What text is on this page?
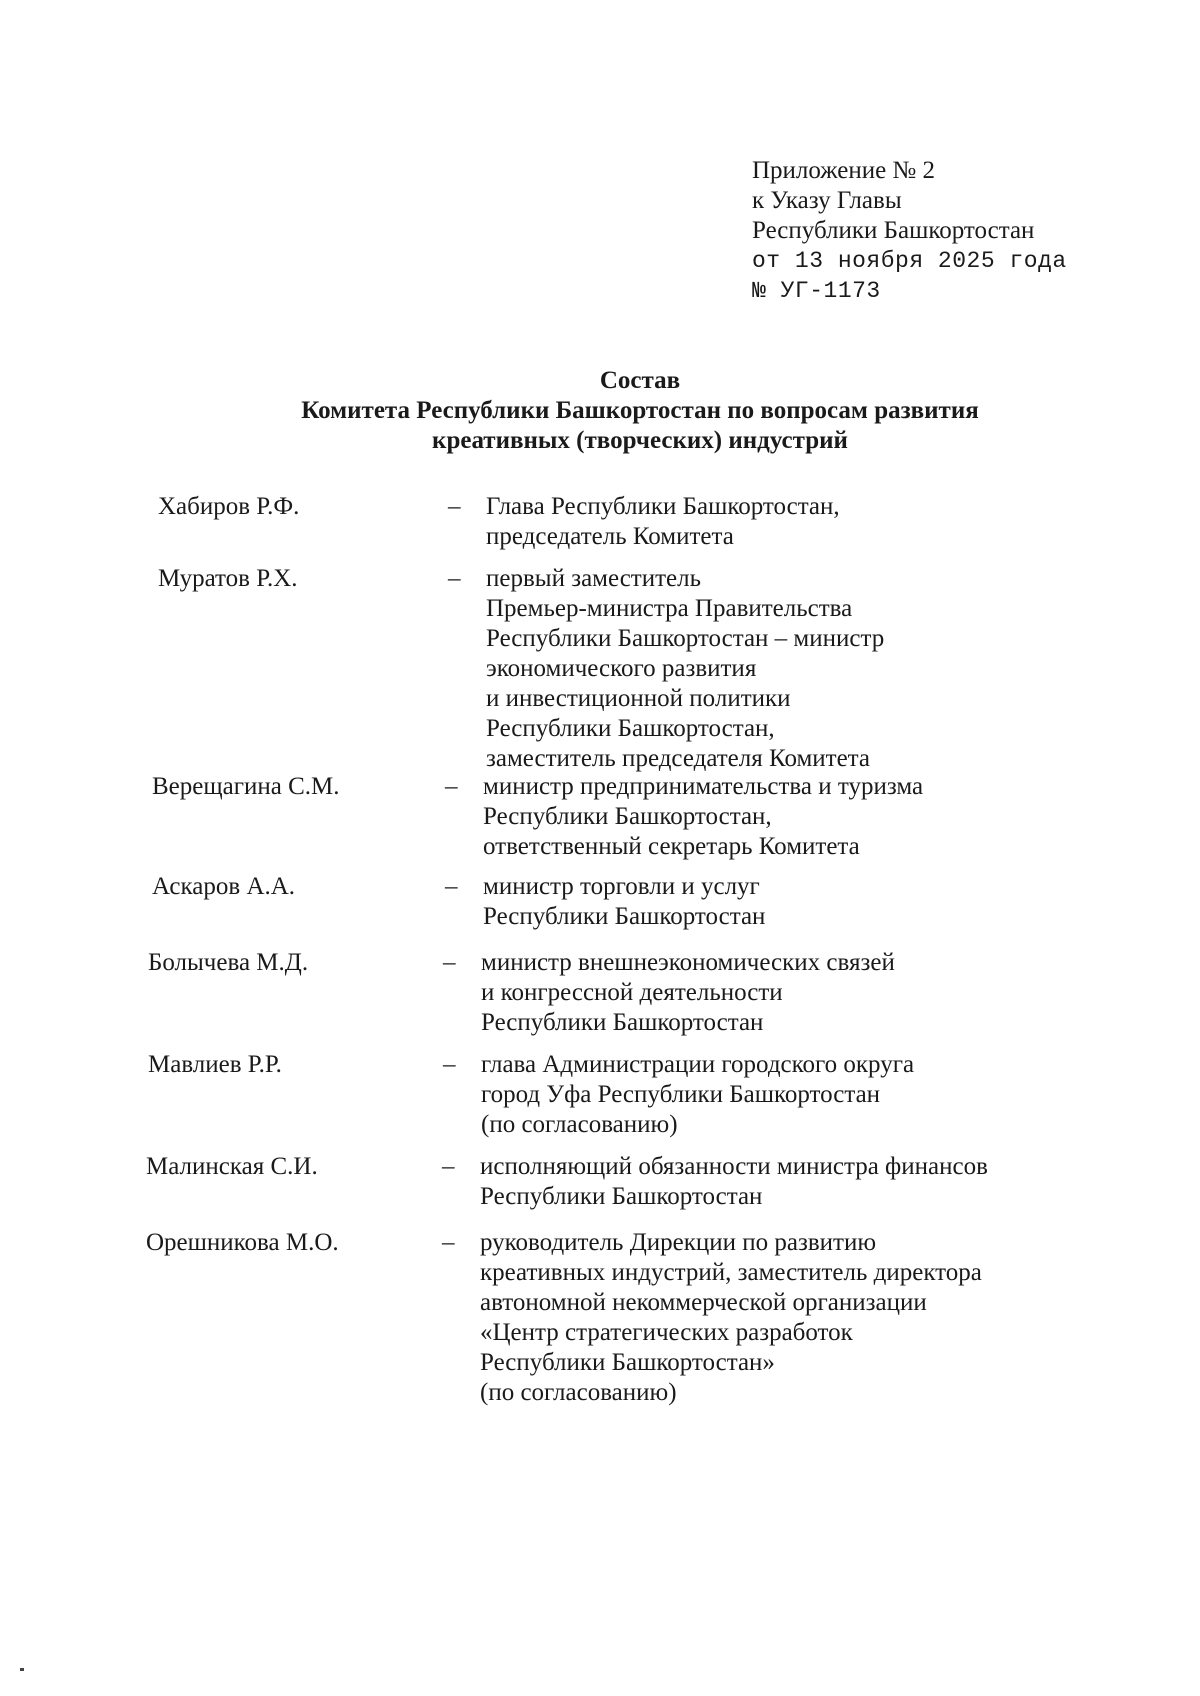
Приложение № 2
к Указу Главы
Республики Башкортостан
от 13 ноября 2025 года
№ УГ-1173
Состав
Комитета Республики Башкортостан по вопросам развития
креативных (творческих) индустрий
Хабиров Р.Ф.	– Глава Республики Башкортостан,
председатель Комитета
Муратов Р.Х.	– первый заместитель
Премьер-министра Правительства
Республики Башкортостан – министр
экономического развития
и инвестиционной политики
Республики Башкортостан,
заместитель председателя Комитета
Верещагина С.М.	– министр предпринимательства и туризма
Республики Башкортостан,
ответственный секретарь Комитета
Аскаров А.А.	– министр торговли и услуг
Республики Башкортостан
Болычева М.Д.	– министр внешнеэкономических связей
и конгрессной деятельности
Республики Башкортостан
Мавлиев Р.Р.	– глава Администрации городского округа
город Уфа Республики Башкортостан
(по согласованию)
Малинская С.И.	– исполняющий обязанности министра финансов
Республики Башкортостан
Орешникова М.О.	– руководитель Дирекции по развитию
креативных индустрий, заместитель директора
автономной некоммерческой организации
«Центр стратегических разработок
Республики Башкортостан»
(по согласованию)
